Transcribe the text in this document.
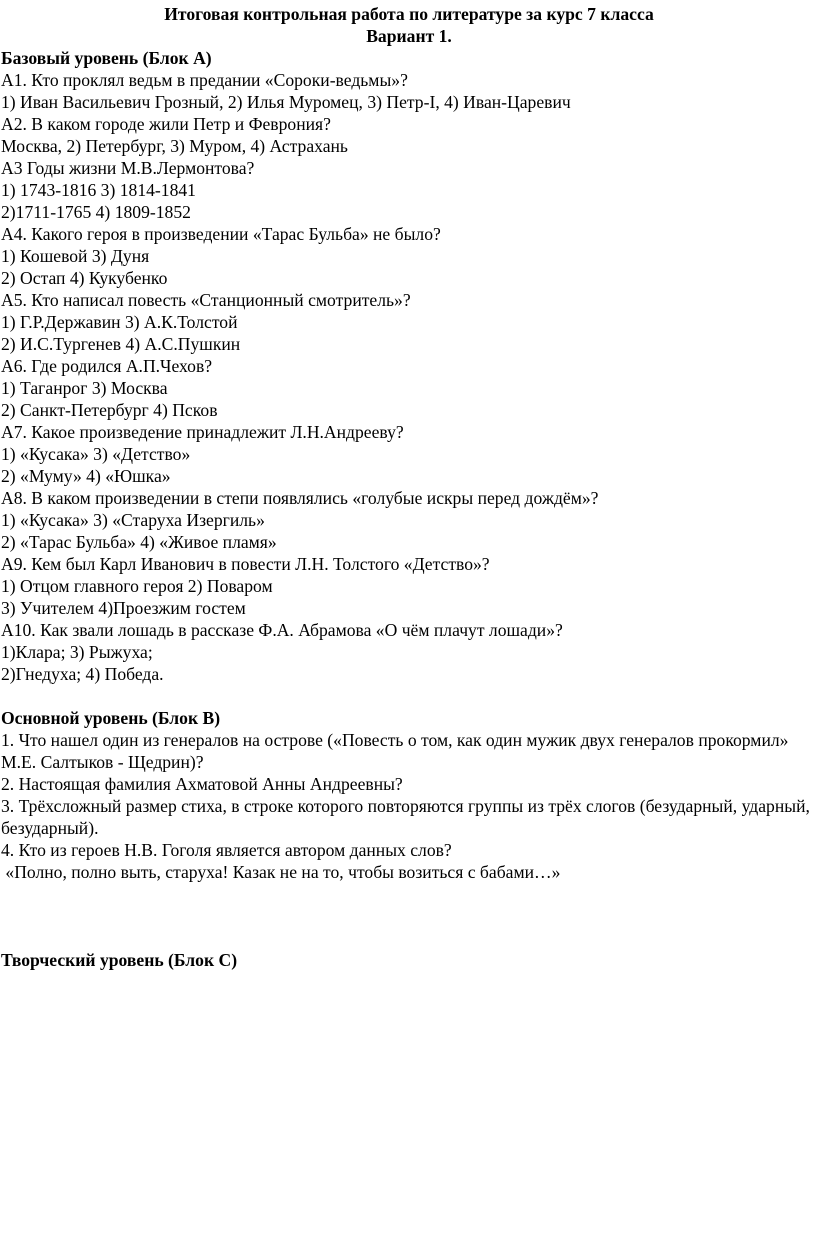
Итоговая контрольная работа по литературе за курс 7 класса

Вариант 1.

Базовый уровень (Блок А)

А1. Кто проклял ведьм в предании «Сороки-ведьмы»?

1) Иван Васильевич Грозный, 2) Илья Муромец, 3) Петр-I, 4) Иван-Царевич

А2. В каком городе жили Петр и Феврония?

Москва, 2) Петербург, 3) Муром, 4) Астрахань

А3 Годы жизни М.В.Лермонтова?

1) 1743-1816 3) 1814-1841

2)1711-1765 4) 1809-1852

А4. Какого героя в произведении «Тарас Бульба» не было?

1) Кошевой 3) Дуня

2) Остап 4) Кукубенко

А5. Кто написал повесть «Станционный смотритель»?

1) Г.Р.Державин 3) А.К.Толстой

2) И.С.Тургенев 4) А.С.Пушкин

А6. Где родился А.П.Чехов?

1) Таганрог 3) Москва

2) Санкт-Петербург 4) Псков

А7. Какое произведение принадлежит Л.Н.Андрееву?

1) «Кусака» 3) «Детство»

2) «Муму» 4) «Юшка»

А8. В каком произведении в степи появлялись «голубые искры перед дождём»?

1) «Кусака» 3) «Старуха Изергиль»

2) «Тарас Бульба» 4) «Живое пламя»

А9. Кем был Карл Иванович в повести Л.Н. Толстого «Детство»?

1) Отцом главного героя 2) Поваром

3) Учителем 4)Проезжим гостем

А10. Как звали лошадь в рассказе Ф.А. Абрамова «О чём плачут лошади»?

1)Клара; 3) Рыжуха;

2)Гнедуха; 4) Победа.

Основной уровень (Блок В)

1. Что нашел один из генералов на острове («Повесть о том, как один мужик двух генералов прокормил» М.Е. Салтыков - Щедрин)?

2. Настоящая фамилия Ахматовой Анны Андреевны?

3. Трёхсложный размер стиха, в строке которого повторяются группы из трёх слогов (безударный, ударный, безударный).

4. Кто из героев Н.В. Гоголя является автором данных слов?

«Полно, полно выть, старуха! Казак не на то, чтобы возиться с бабами…»

Творческий уровень (Блок С)
